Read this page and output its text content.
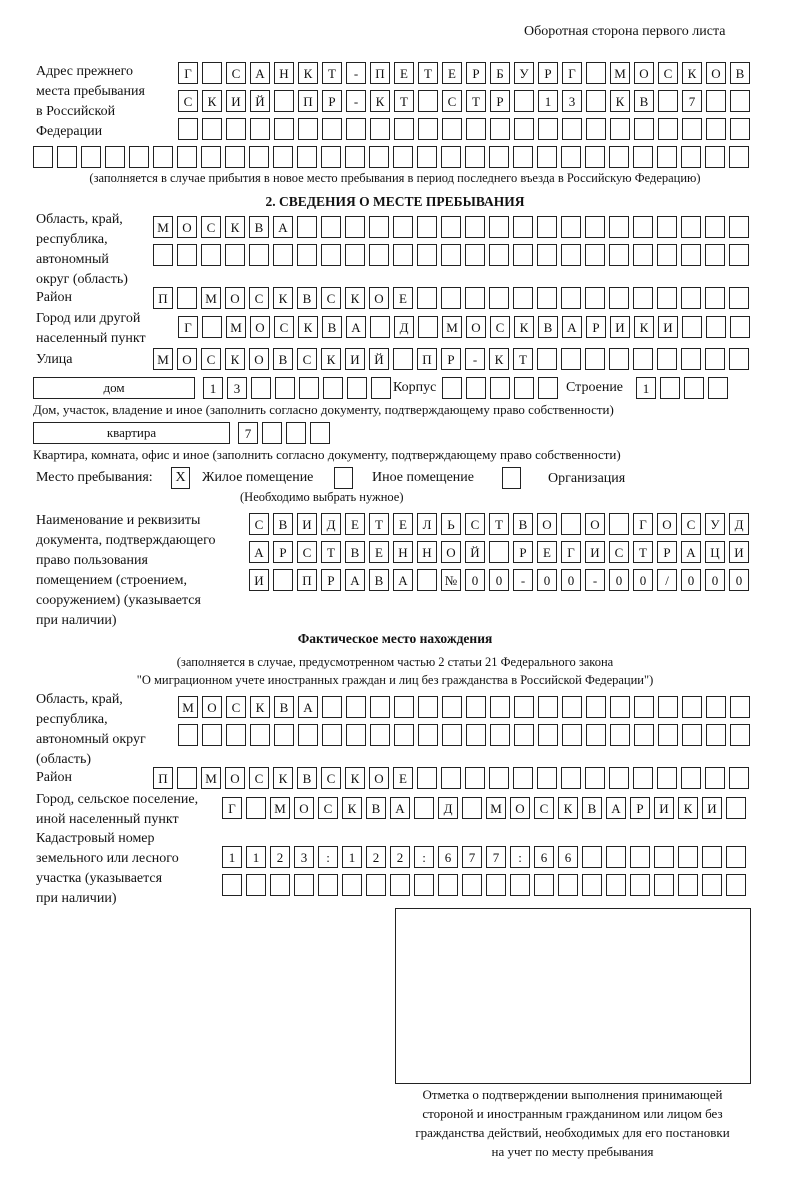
Оборотная сторона первого листа
Адрес прежнего
места пребывания
в Российской
Федерации
Г	С	А	Н	К	Т	-	П	Е	Т	Е	Р	Б	У	Р	Г	М	О	С	К	О	В
С	К	И	Й	П	Р	-	К	Т	С	Т	Р	1	3	К	В	7
(заполняется в случае прибытия в новое место пребывания в период последнего въезда в Российскую Федерацию)
2. СВЕДЕНИЯ О МЕСТЕ ПРЕБЫВАНИЯ
Область, край,
республика,
автономный
округ (область)
М	О	С	К	В	А
Район	П	М	О	С	К	В	С	К	О	Е
Город или другой
населенный пункт
Г	М	О	С	К	В	А	Д	М	О	С	К	В	А	Р	И	К	И
Улица	М	О	С	К	О	В	С	К	И	Й	П	Р	-	К	Т
дом	1	3	Корпус	Строение	1
Дом, участок, владение и иное (заполнить согласно документу, подтверждающему право собственности)
квартира	7
Квартира, комната, офис и иное (заполнить согласно документу, подтверждающему право собственности)
Место пребывания:	X	Жилое помещение	Иное помещение	Организация
(Необходимо выбрать нужное)
Наименование и реквизиты
документа, подтверждающего
право пользования
помещением (строением,
сооружением) (указывается
при наличии)
С	В	И	Д	Е	Т	Е	Л	Ь	С	Т	В	О	О	Г	О	С	У	Д
А	Р	С	Т	В	Е	Н	Н	О	Й	Р	Е	Г	И	С	Т	Р	А	Ц	И
И	П	Р	А	В	А	№	0	0	-	0	0	-	0	0	/	0	0	0
Фактическое место нахождения
(заполняется в случае, предусмотренном частью 2 статьи 21 Федерального закона
"О миграционном учете иностранных граждан и лиц без гражданства в Российской Федерации")
Область, край,
республика,
автономный округ
(область)
М	О	С	К	В	А
Район	П	М	О	С	К	В	С	К	О	Е
Город, сельское поселение,
иной населенный пункт
Г	М	О	С	К	В	А	Д	М	О	С	К	В	А	Р	И	К	И
Кадастровый номер
земельного или лесного
участка (указывается
при наличии)
1	1	2	3	:	1	2	2	:	6	7	7	:	6	6
Отметка о подтверждении выполнения принимающей
стороной и иностранным гражданином или лицом без
гражданства действий, необходимых для его постановки
на учет по месту пребывания
